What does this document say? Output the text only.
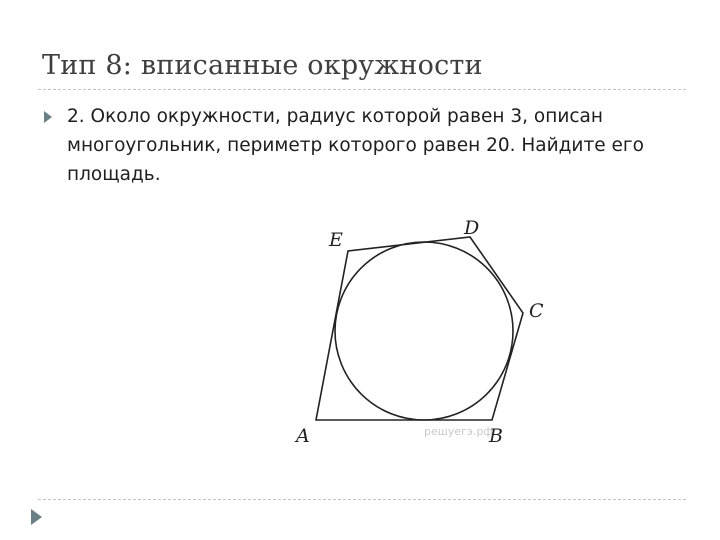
Тип 8: вписанные окружности

2. Около окружности, радиус которой равен 3, описан многоугольник, периметр которого равен 20. Найдите его площадь.

A	B
C
D
E
решуегэ.рф
